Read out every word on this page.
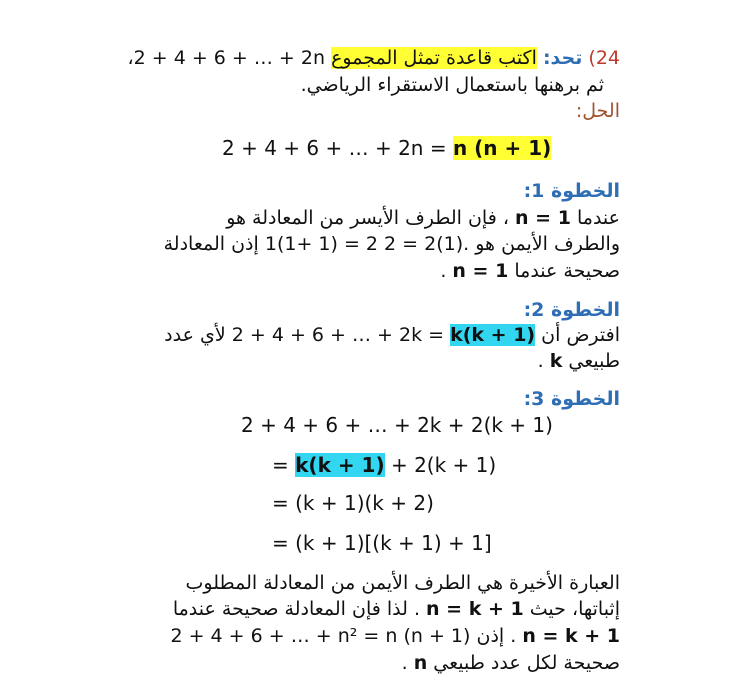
24) تحد: اكتب قاعدة تمثل المجموع 2 + 4 + 6 + … + 2n،
ثم برهنها باستعمال الاستقراء الرياضي.
الحل:
2 + 4 + 6 + … + 2n = n (n + 1)
الخطوة 1:
عندما n = 1 ، فإن الطرف الأيسر من المعادلة هو
2 = 2(1). والطرف الأيمن هو 1(1+ 1) = 2 إذن المعادلة
صحيحة عندما n = 1 .
الخطوة 2:
افترض أن 2 + 4 + 6 + … + 2k = k(k + 1) لأي عدد
طبيعي k .
الخطوة 3:
2 + 4 + 6 + … + 2k + 2(k + 1)
= k(k + 1) + 2(k + 1)
= (k + 1)(k + 2)
= (k + 1)[(k + 1) + 1]
العبارة الأخيرة هي الطرف الأيمن من المعادلة المطلوب
إثباتها، حيث n = k + 1 . لذا فإن المعادلة صحيحة عندما
n = k + 1 . إذن 2 + 4 + 6 + … + n² = n (n + 1)
صحيحة لكل عدد طبيعي n .
